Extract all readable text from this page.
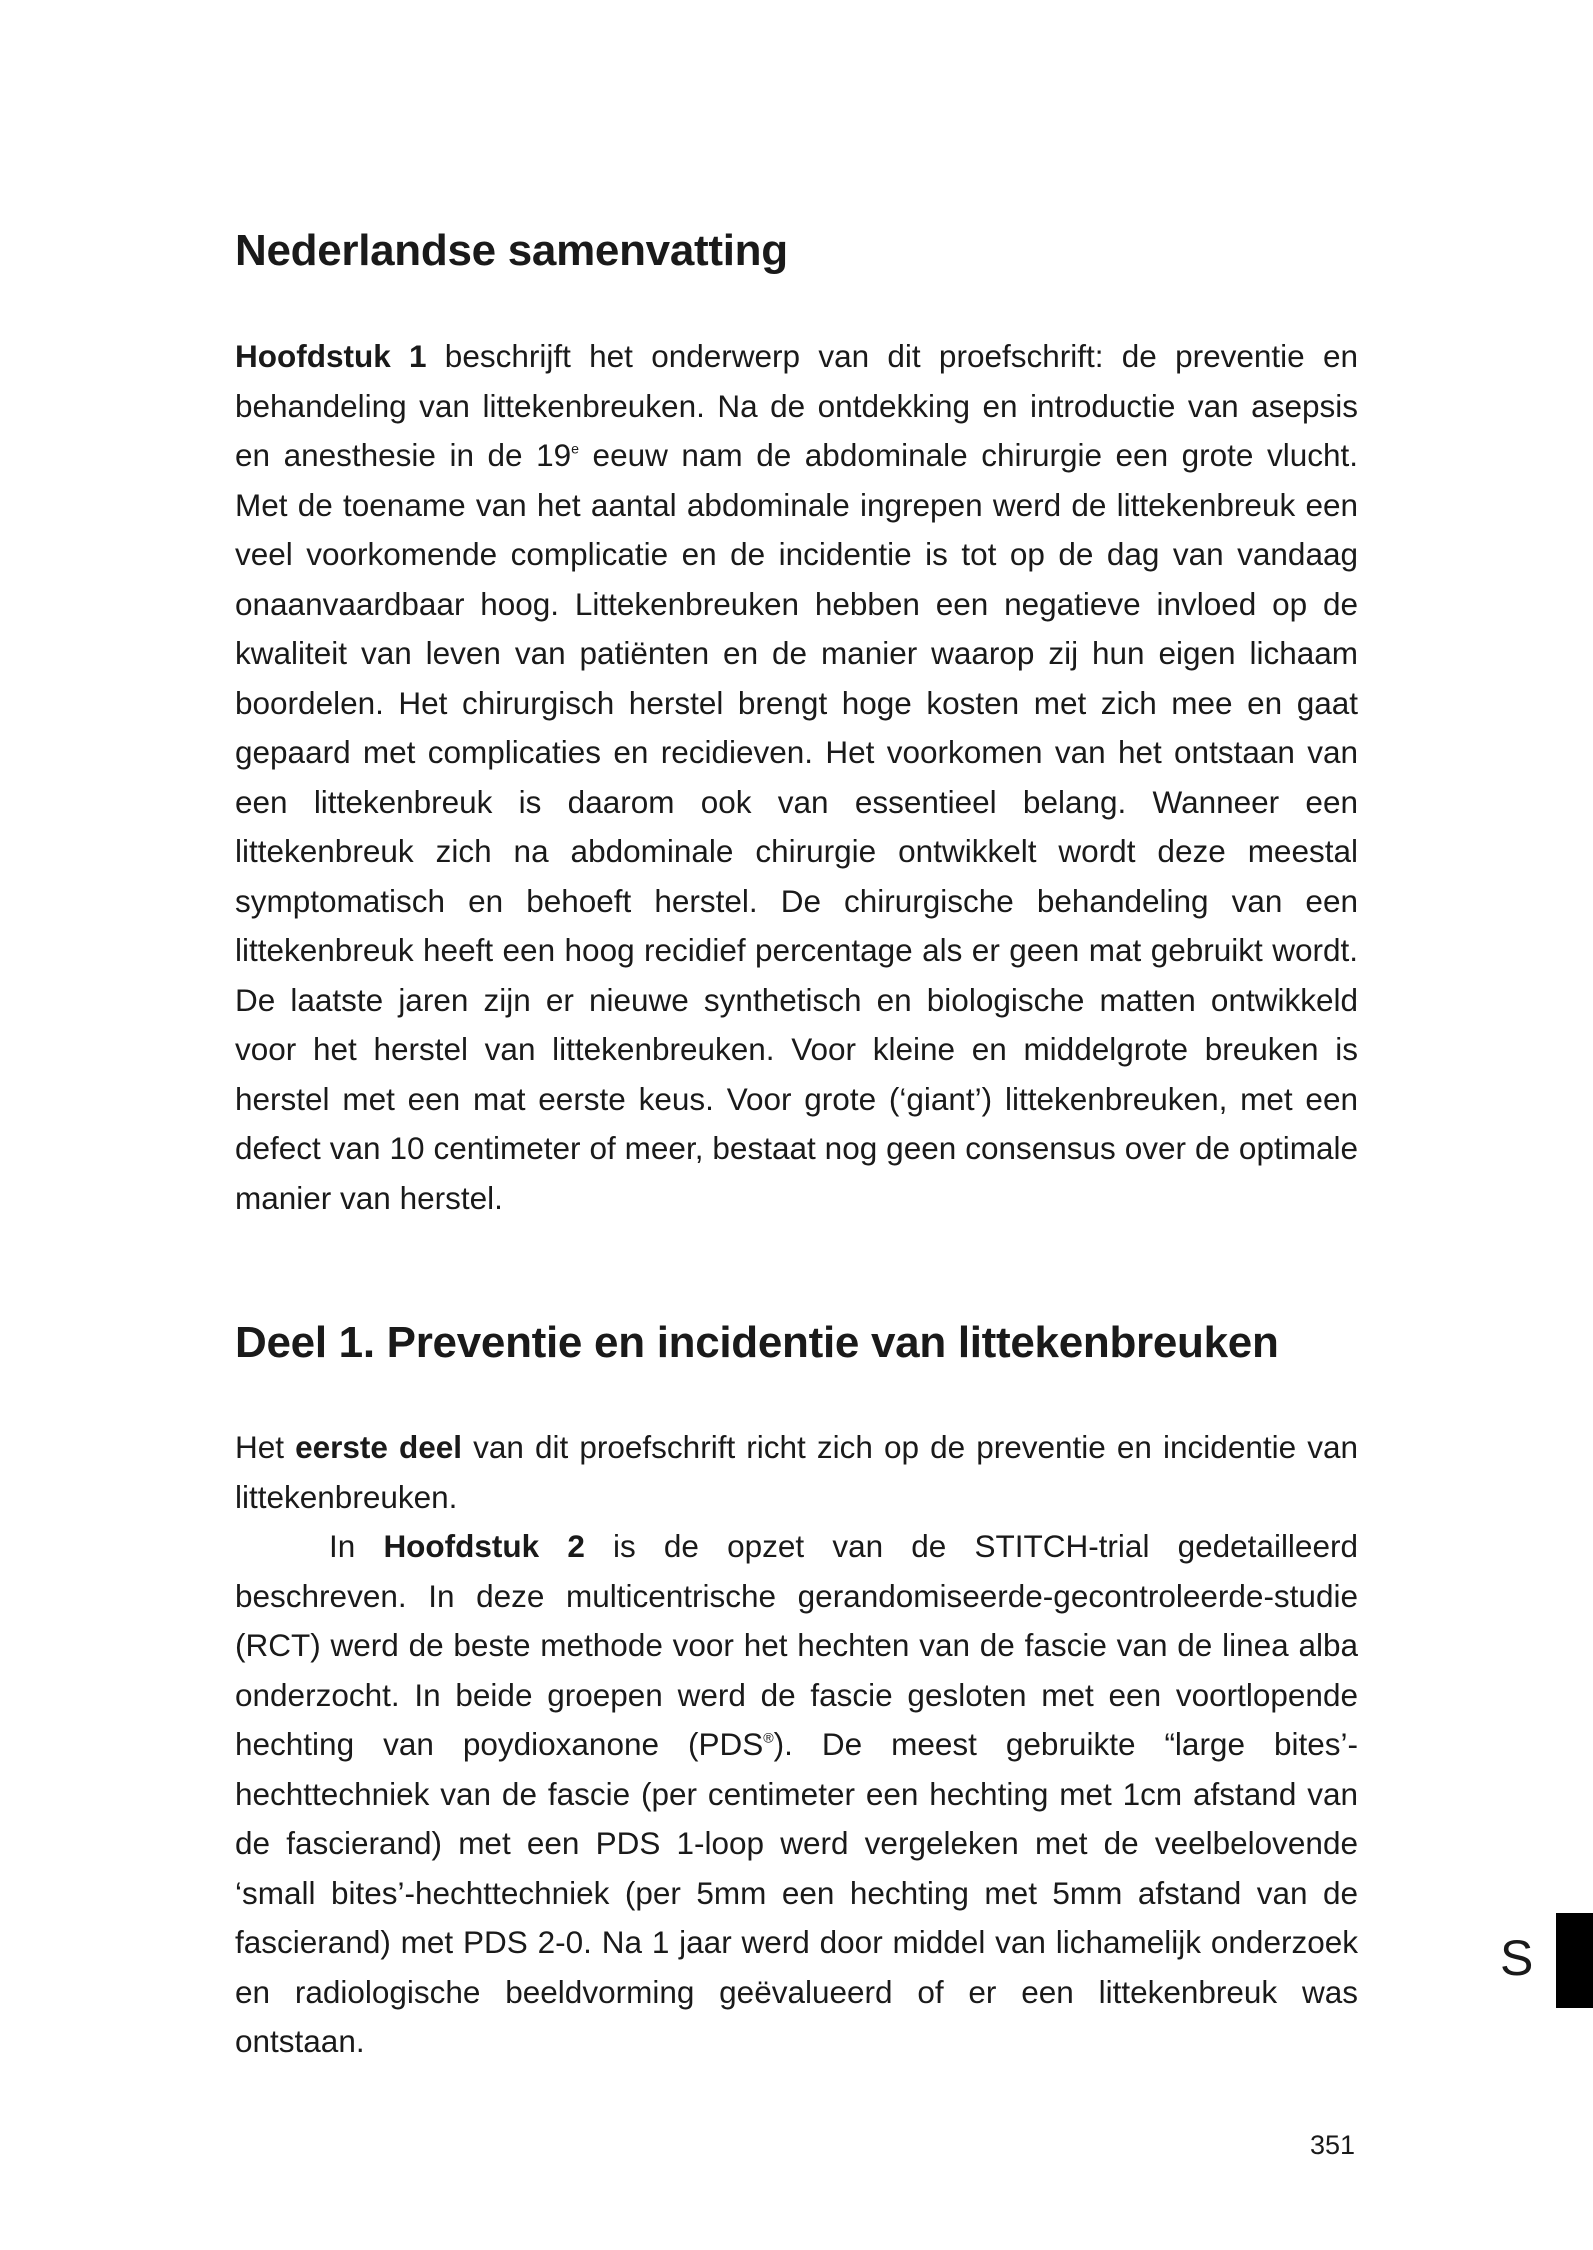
Nederlandse samenvatting

Hoofdstuk 1 beschrijft het onderwerp van dit proefschrift: de preventie en behandeling van littekenbreuken. Na de ontdekking en introductie van asepsis en anesthesie in de 19e eeuw nam de abdominale chirurgie een grote vlucht. Met de toename van het aantal abdominale ingrepen werd de littekenbreuk een veel voorkomende complicatie en de incidentie is tot op de dag van vandaag onaanvaardbaar hoog. Littekenbreuken hebben een negatieve invloed op de kwaliteit van leven van patiënten en de manier waarop zij hun eigen lichaam boordelen. Het chirurgisch herstel brengt hoge kosten met zich mee en gaat gepaard met complicaties en recidieven. Het voorkomen van het ontstaan van een littekenbreuk is daarom ook van essentieel belang. Wanneer een littekenbreuk zich na abdominale chirurgie ontwikkelt wordt deze meestal symptomatisch en behoeft herstel. De chirurgische behandeling van een littekenbreuk heeft een hoog recidief percentage als er geen mat gebruikt wordt. De laatste jaren zijn er nieuwe synthetisch en biologische matten ontwikkeld voor het herstel van littekenbreuken. Voor kleine en middelgrote breuken is herstel met een mat eerste keus. Voor grote (‘giant’) littekenbreuken, met een defect van 10 centimeter of meer, bestaat nog geen consensus over de optimale manier van herstel.

Deel 1. Preventie en incidentie van littekenbreuken

Het eerste deel van dit proefschrift richt zich op de preventie en incidentie van littekenbreuken.

In Hoofdstuk 2 is de opzet van de STITCH-trial gedetailleerd beschreven. In deze multicentrische gerandomiseerde-gecontroleerde-studie (RCT) werd de beste methode voor het hechten van de fascie van de linea alba onderzocht. In beide groepen werd de fascie gesloten met een voortlopende hechting van poydioxanone (PDS®). De meest gebruikte “large bites’-hechttechniek van de fascie (per centimeter een hechting met 1cm afstand van de fascierand) met een PDS 1-loop werd vergeleken met de veelbelovende ‘small bites’-hechttechniek (per 5mm een hechting met 5mm afstand van de fascierand) met PDS 2-0. Na 1 jaar werd door middel van lichamelijk onderzoek en radiologische beeldvorming geëvalueerd of er een littekenbreuk was ontstaan.

S
351
